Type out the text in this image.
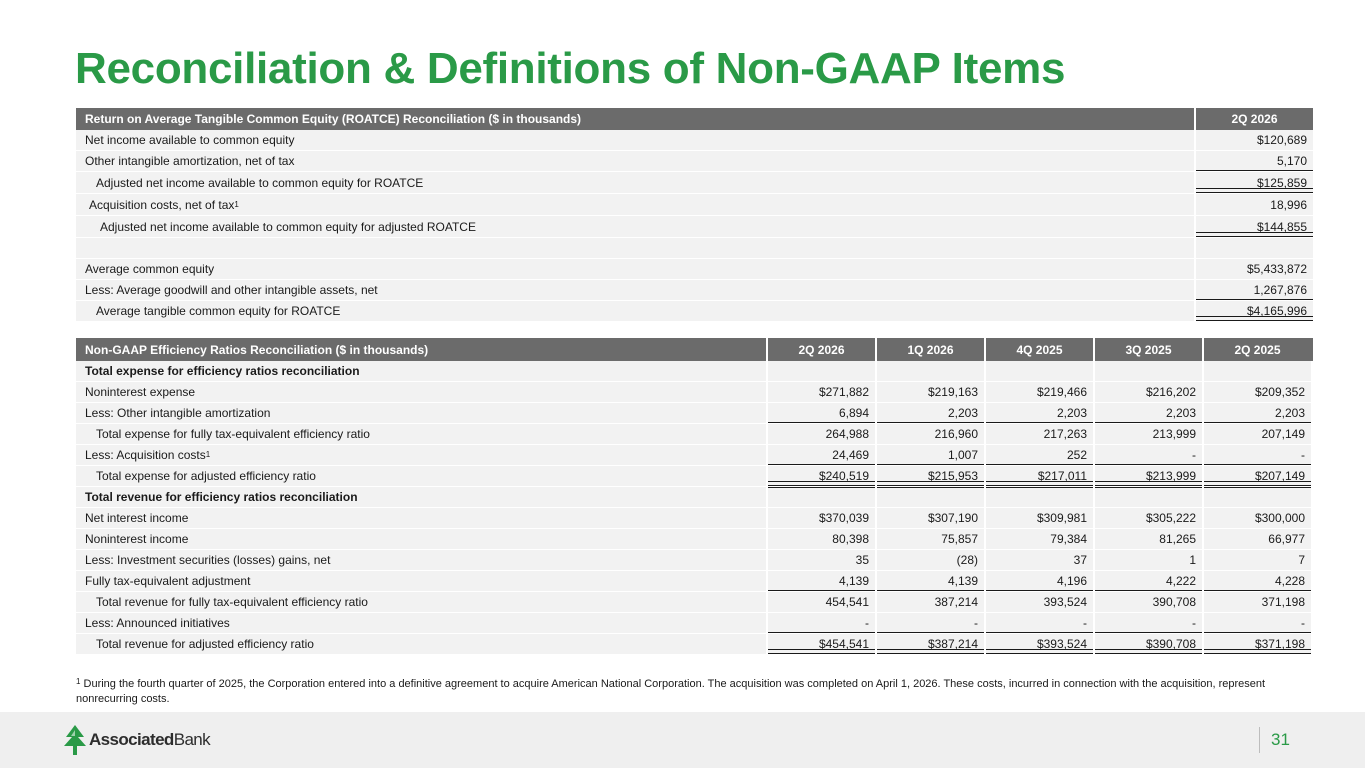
Reconciliation & Definitions of Non-GAAP Items
Return on Average Tangible Common Equity (ROATCE) Reconciliation ($ in thousands)	2Q 2026
Net income available to common equity	$120,689
Other intangible amortization, net of tax	5,170
Adjusted net income available to common equity for ROATCE	$125,859
Acquisition costs, net of tax 1	18,996
Adjusted net income available to common equity for adjusted ROATCE	$144,855
Average common equity	$5,433,872
Less: Average goodwill and other intangible assets, net	1,267,876
Average tangible common equity for ROATCE	$4,165,996
Non-GAAP Efficiency Ratios Reconciliation ($ in thousands)	2Q 2026	1Q 2026	4Q 2025	3Q 2025	2Q 2025
Total expense for efficiency ratios reconciliation
Noninterest expense	$271,882	$219,163	$219,466	$216,202	$209,352
Less: Other intangible amortization	6,894	2,203	2,203	2,203	2,203
Total expense for fully tax-equivalent efficiency ratio	264,988	216,960	217,263	213,999	207,149
Less: Acquisition costs 1	24,469	1,007	252	-	-
Total expense for adjusted efficiency ratio	$240,519	$215,953	$217,011	$213,999	$207,149
Total revenue for efficiency ratios reconciliation
Net interest income	$370,039	$307,190	$309,981	$305,222	$300,000
Noninterest income	80,398	75,857	79,384	81,265	66,977
Less: Investment securities (losses) gains, net	35	(28)	37	1	7
Fully tax-equivalent adjustment	4,139	4,139	4,196	4,222	4,228
Total revenue for fully tax-equivalent efficiency ratio	454,541	387,214	393,524	390,708	371,198
Less: Announced initiatives	-	-	-	-	-
Total revenue for adjusted efficiency ratio	$454,541	$387,214	$393,524	$390,708	$371,198
$^1$ During the fourth quarter of 2025, the Corporation entered into a definitive agreement to acquire American National Corporation. The acquisition was completed on April 1, 2026. These costs, incurred in connection with the acquisition, represent nonrecurring costs.
AssociatedBank	31
